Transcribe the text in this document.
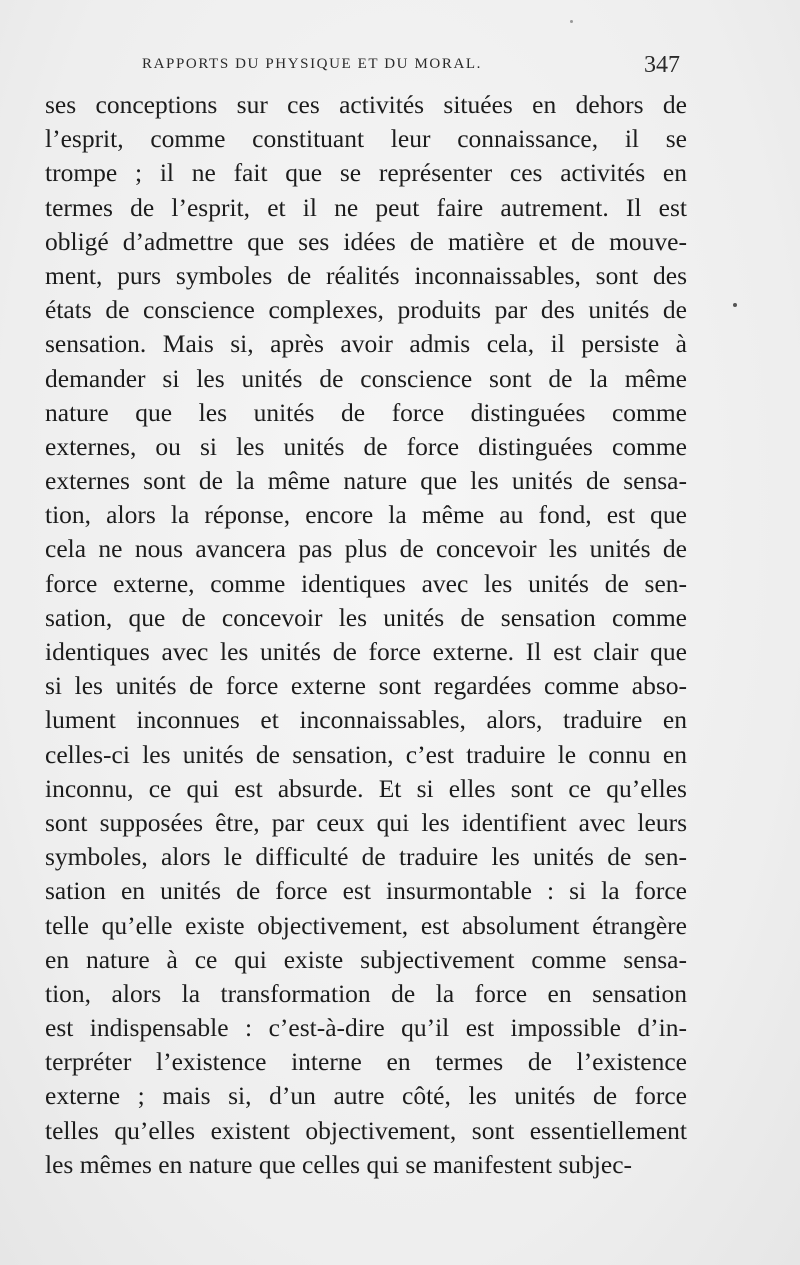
RAPPORTS DU PHYSIQUE ET DU MORAL.	347
ses conceptions sur ces activités situées en dehors de
l’esprit, comme constituant leur connaissance, il se
trompe ; il ne fait que se représenter ces activités en
termes de l’esprit, et il ne peut faire autrement. Il est
obligé d’admettre que ses idées de matière et de mouve-
ment, purs symboles de réalités inconnaissables, sont des
états de conscience complexes, produits par des unités de
sensation. Mais si, après avoir admis cela, il persiste à
demander si les unités de conscience sont de la même
nature que les unités de force distinguées comme
externes, ou si les unités de force distinguées comme
externes sont de la même nature que les unités de sensa-
tion, alors la réponse, encore la même au fond, est que
cela ne nous avancera pas plus de concevoir les unités de
force externe, comme identiques avec les unités de sen-
sation, que de concevoir les unités de sensation comme
identiques avec les unités de force externe. Il est clair que
si les unités de force externe sont regardées comme abso-
lument inconnues et inconnaissables, alors, traduire en
celles-ci les unités de sensation, c’est traduire le connu en
inconnu, ce qui est absurde. Et si elles sont ce qu’elles
sont supposées être, par ceux qui les identifient avec leurs
symboles, alors le difficulté de traduire les unités de sen-
sation en unités de force est insurmontable : si la force
telle qu’elle existe objectivement, est absolument étrangère
en nature à ce qui existe subjectivement comme sensa-
tion, alors la transformation de la force en sensation
est indispensable : c’est-à-dire qu’il est impossible d’in-
terpréter l’existence interne en termes de l’existence
externe ; mais si, d’un autre côté, les unités de force
telles qu’elles existent objectivement, sont essentiellement
les mêmes en nature que celles qui se manifestent subjec-
